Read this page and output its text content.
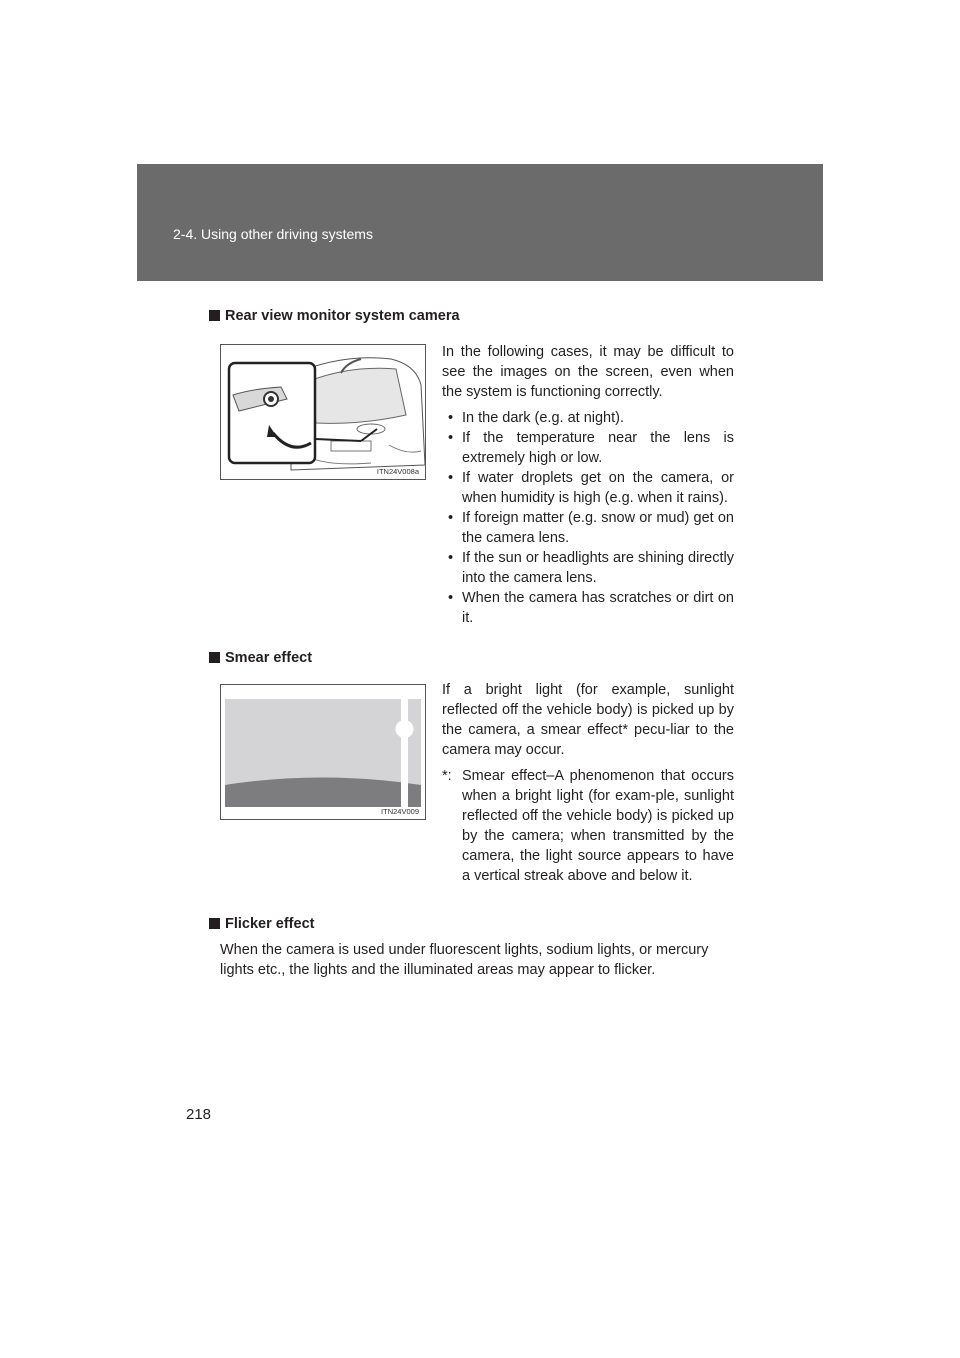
2-4. Using other driving systems
Rear view monitor system camera
ITN24V008a

In the following cases, it may be difficult to see the images on the screen, even when the system is functioning correctly.

• In the dark (e.g. at night).
• If the temperature near the lens is extremely high or low.
• If water droplets get on the camera, or when humidity is high (e.g. when it rains).
• If foreign matter (e.g. snow or mud) get on the camera lens.
• If the sun or headlights are shining directly into the camera lens.
• When the camera has scratches or dirt on it.
Smear effect
ITN24V009

If a bright light (for example, sunlight reflected off the vehicle body) is picked up by the camera, a smear effect* pecu-liar to the camera may occur.

*: Smear effect–A phenomenon that occurs when a bright light (for exam-ple, sunlight reflected off the vehicle body) is picked up by the camera; when transmitted by the camera, the light source appears to have a vertical streak above and below it.
Flicker effect
When the camera is used under fluorescent lights, sodium lights, or mercury lights etc., the lights and the illuminated areas may appear to flicker.
218
